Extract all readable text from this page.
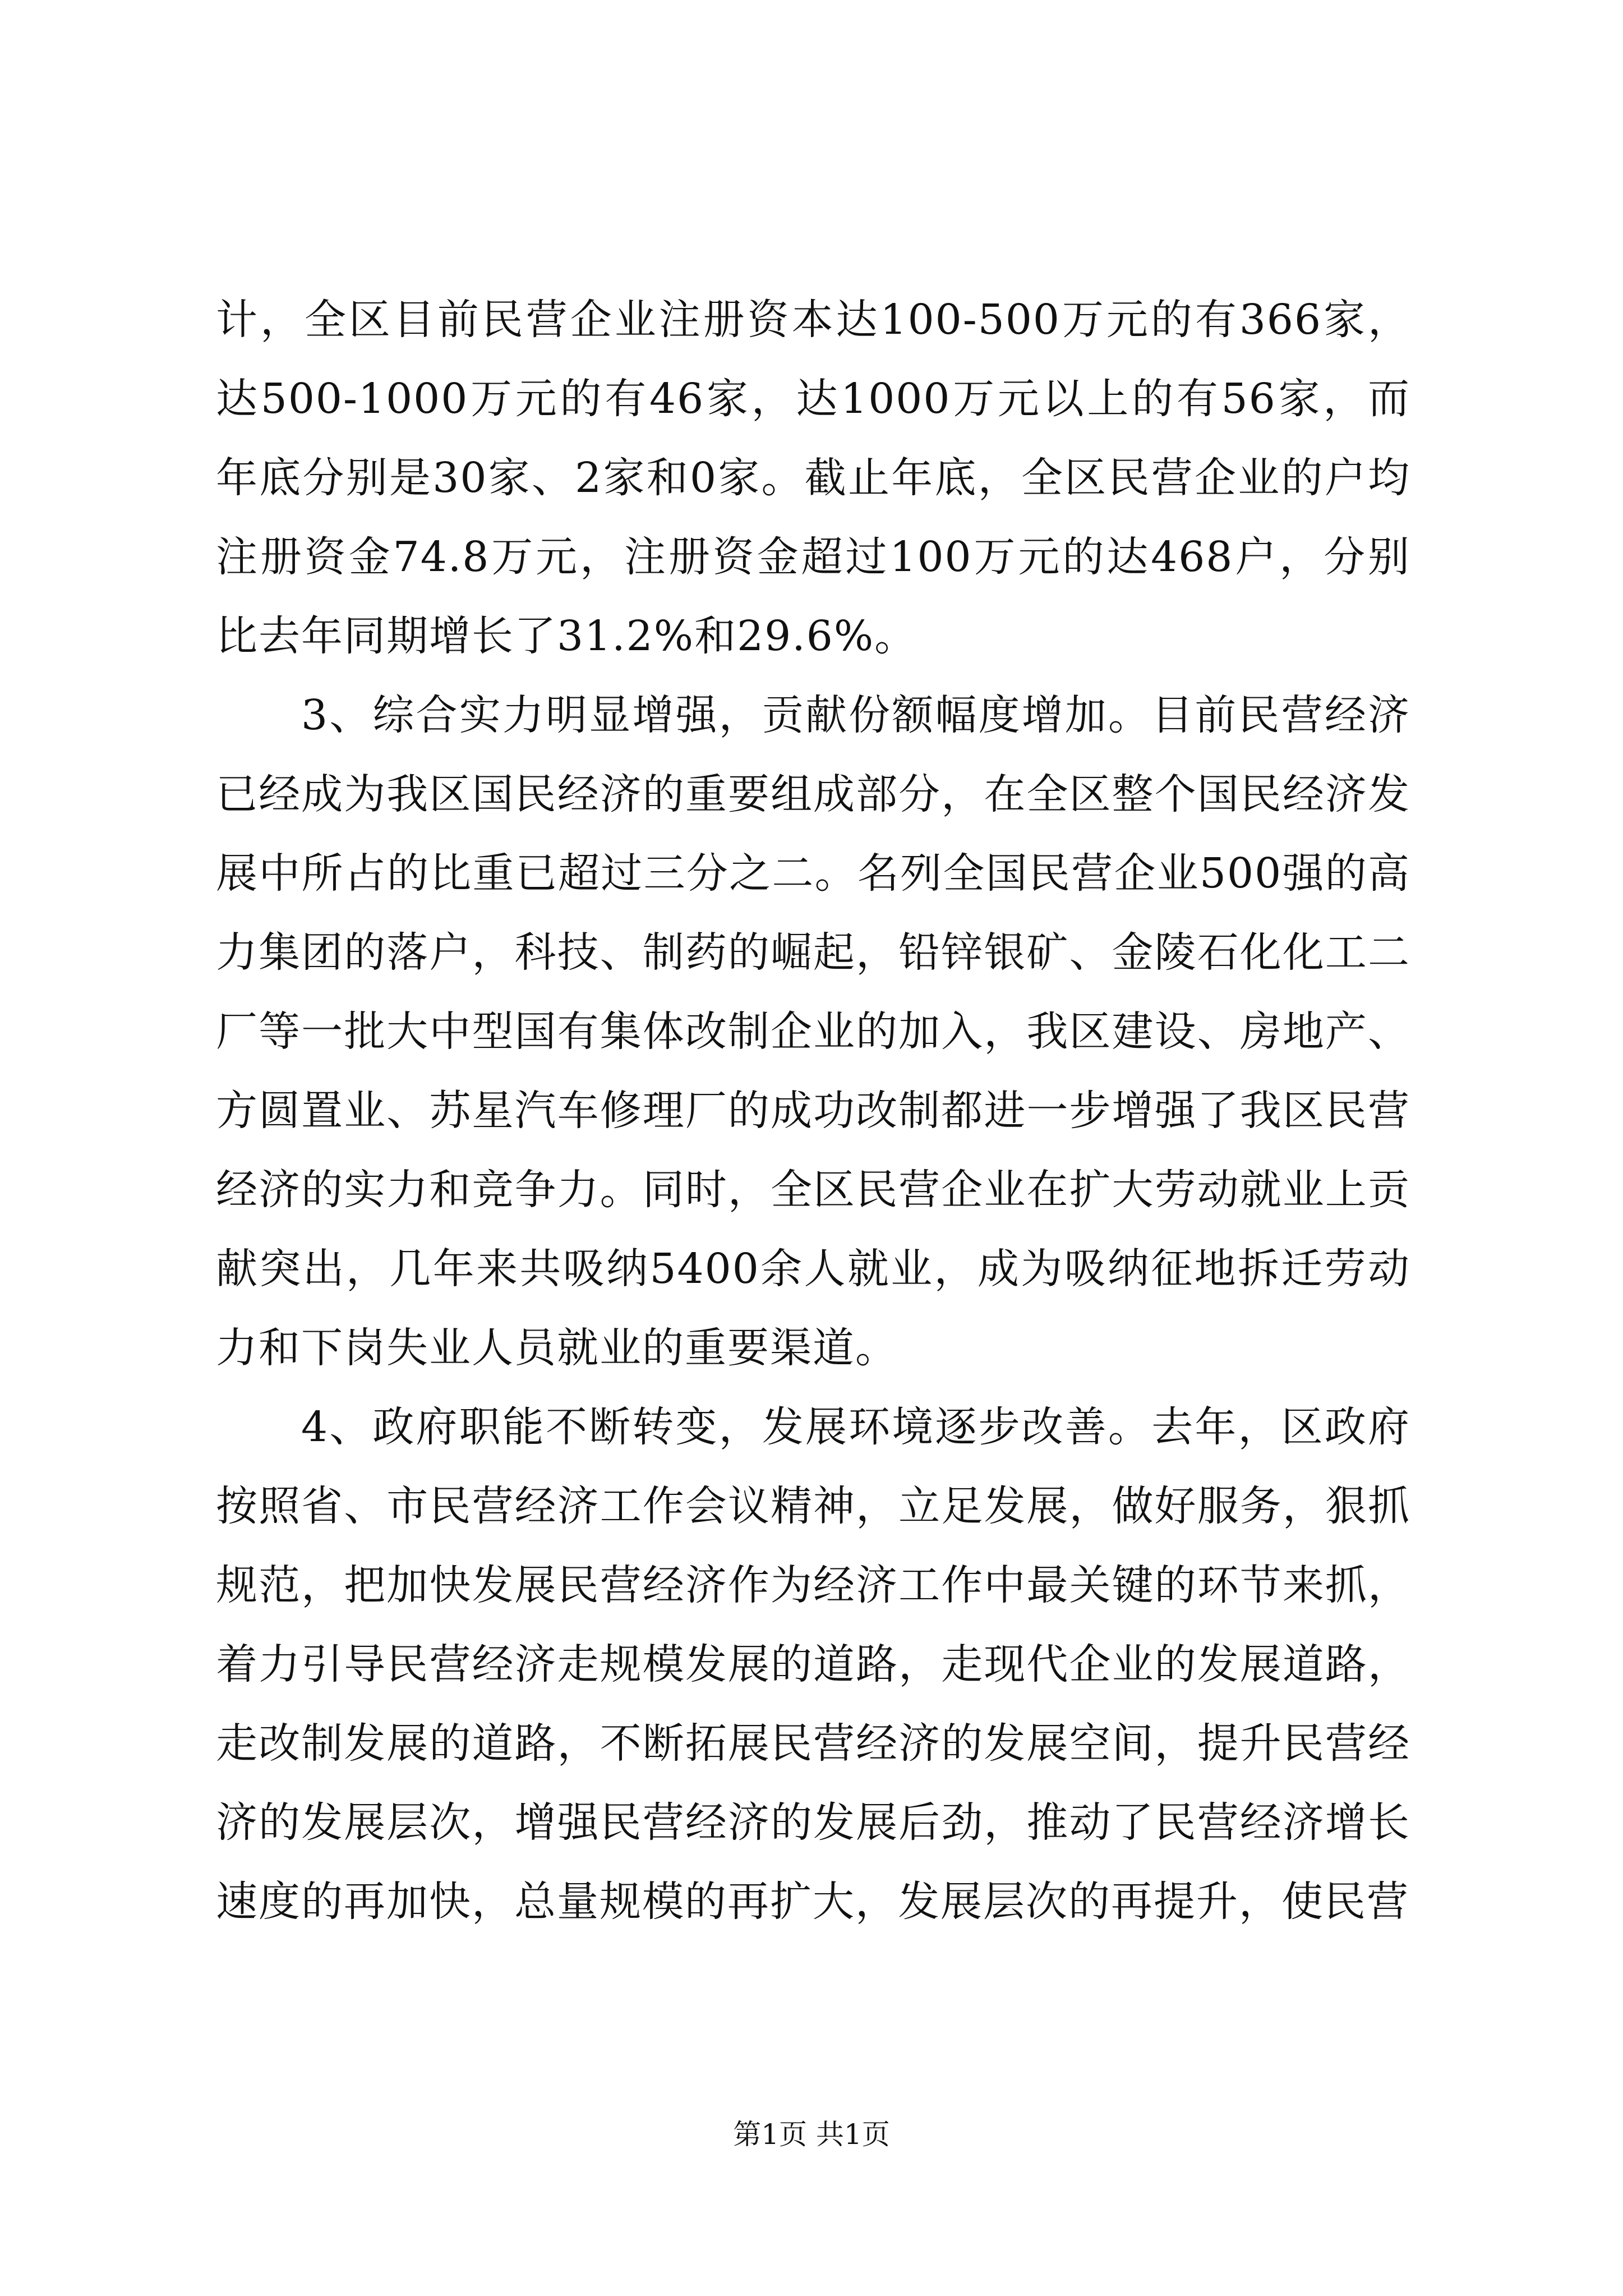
计，全区目前民营企业注册资本达100-500万元的有366家，达500-1000万元的有46家，达1000万元以上的有56家，而年底分别是30家、2家和0家。截止年底，全区民营企业的户均注册资金74.8万元，注册资金超过100万元的达468户，分别比去年同期增长了31.2%和29.6%。

3、综合实力明显增强，贡献份额幅度增加。目前民营经济已经成为我区国民经济的重要组成部分，在全区整个国民经济发展中所占的比重已超过三分之二。名列全国民营企业500强的高力集团的落户，科技、制药的崛起，铅锌银矿、金陵石化化工二厂等一批大中型国有集体改制企业的加入，我区建设、房地产、方圆置业、苏星汽车修理厂的成功改制都进一步增强了我区民营经济的实力和竞争力。同时，全区民营企业在扩大劳动就业上贡献突出，几年来共吸纳5400余人就业，成为吸纳征地拆迁劳动力和下岗失业人员就业的重要渠道。

4、政府职能不断转变，发展环境逐步改善。去年，区政府按照省、市民营经济工作会议精神，立足发展，做好服务，狠抓规范，把加快发展民营经济作为经济工作中最关键的环节来抓，着力引导民营经济走规模发展的道路，走现代企业的发展道路，走改制发展的道路，不断拓展民营经济的发展空间，提升民营经济的发展层次，增强民营经济的发展后劲，推动了民营经济增长速度的再加快，总量规模的再扩大，发展层次的再提升，使民营

第1页 共1页
